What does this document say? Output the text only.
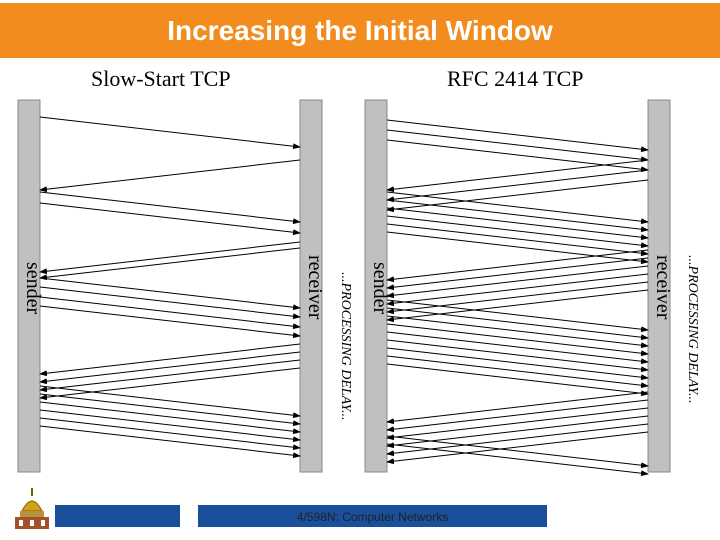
Increasing the Initial Window
Slow-Start TCP	RFC 2414 TCP
sender	receiver ...PROCESSING DELAY... sender	receiver ...PROCESSING DELAY...
4/598N: Computer Networks
